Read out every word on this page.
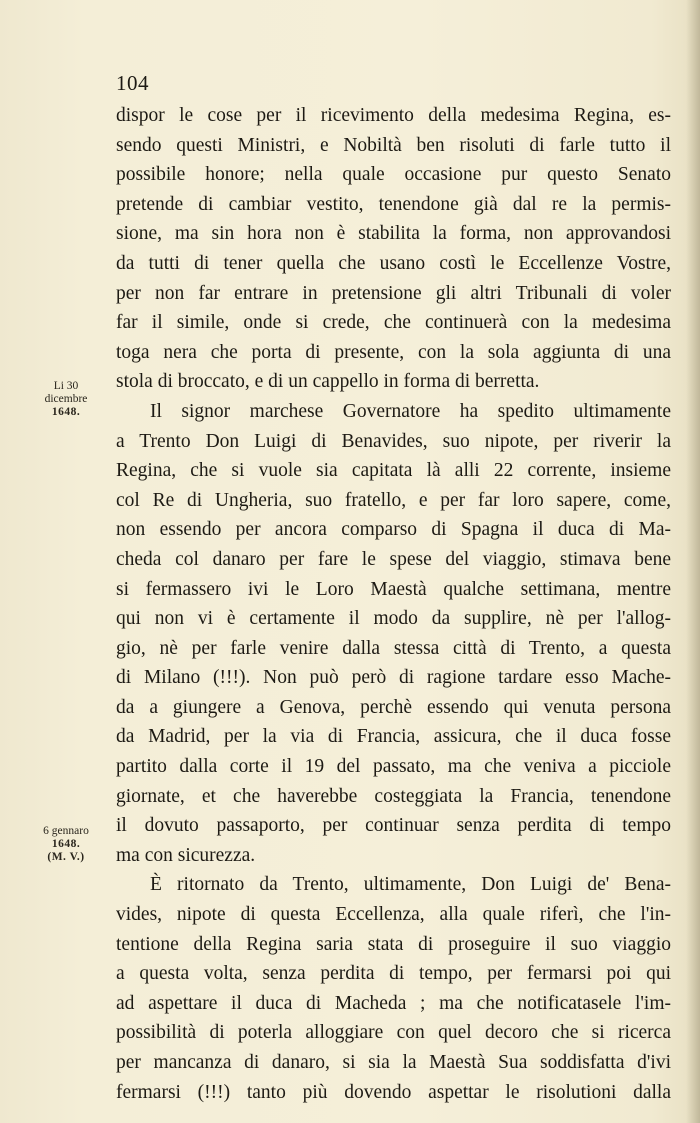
104
Li 30
dicembre
1648.
6 gennaro
1648.
(M. V.)
dispor le cose per il ricevimento della medesima Regina, es-
sendo questi Ministri, e Nobiltà ben risoluti di farle tutto il
possibile honore; nella quale occasione pur questo Senato
pretende di cambiar vestito, tenendone già dal re la permis-
sione, ma sin hora non è stabilita la forma, non approvandosi
da tutti di tener quella che usano costì le Eccellenze Vostre,
per non far entrare in pretensione gli altri Tribunali di voler
far il simile, onde si crede, che continuerà con la medesima
toga nera che porta di presente, con la sola aggiunta di una
stola di broccato, e di un cappello in forma di berretta.
Il signor marchese Governatore ha spedito ultimamente
a Trento Don Luigi di Benavides, suo nipote, per riverir la
Regina, che si vuole sia capitata là alli 22 corrente, insieme
col Re di Ungheria, suo fratello, e per far loro sapere, come,
non essendo per ancora comparso di Spagna il duca di Ma-
cheda col danaro per fare le spese del viaggio, stimava bene
si fermassero ivi le Loro Maestà qualche settimana, mentre
qui non vi è certamente il modo da supplire, nè per l'allog-
gio, nè per farle venire dalla stessa città di Trento, a questa
di Milano (!!!). Non può però di ragione tardare esso Mache-
da a giungere a Genova, perchè essendo qui venuta persona
da Madrid, per la via di Francia, assicura, che il duca fosse
partito dalla corte il 19 del passato, ma che veniva a picciole
giornate, et che haverebbe costeggiata la Francia, tenendone
il dovuto passaporto, per continuar senza perdita di tempo
ma con sicurezza.
È ritornato da Trento, ultimamente, Don Luigi de' Bena-
vides, nipote di questa Eccellenza, alla quale riferì, che l'in-
tentione della Regina saria stata di proseguire il suo viaggio
a questa volta, senza perdita di tempo, per fermarsi poi qui
ad aspettare il duca di Macheda ; ma che notificatasele l'im-
possibilità di poterla alloggiare con quel decoro che si ricerca
per mancanza di danaro, si sia la Maestà Sua soddisfatta d'ivi
fermarsi (!!!) tanto più dovendo aspettar le risolutioni dalla
